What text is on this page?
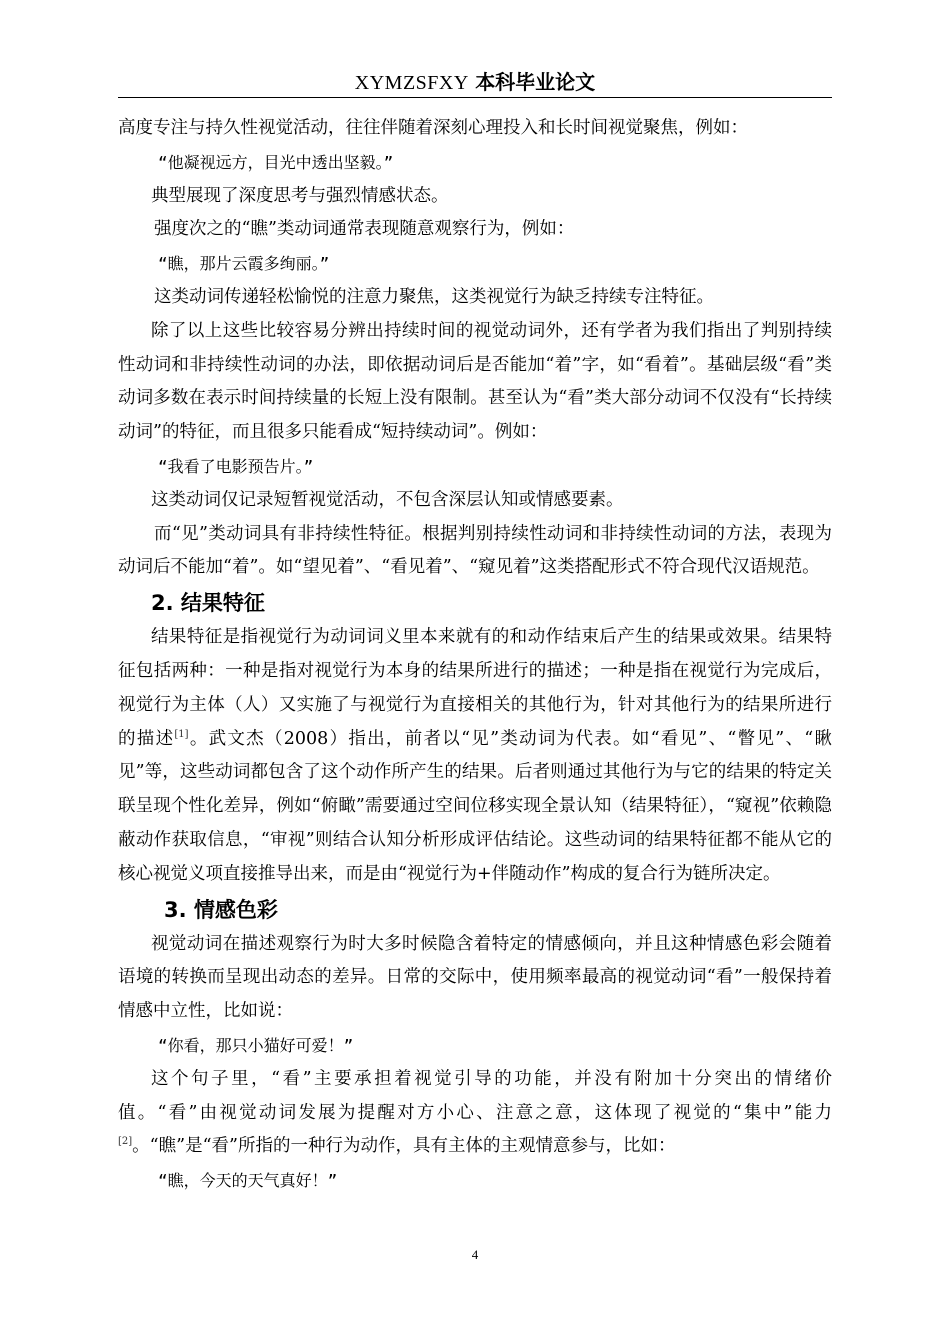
XYMZSFXY 本科毕业论文

高度专注与持久性视觉活动，往往伴随着深刻心理投入和长时间视觉聚焦，例如：

“他凝视远方，目光中透出坚毅。”

典型展现了深度思考与强烈情感状态。

强度次之的“瞧”类动词通常表现随意观察行为，例如：

“瞧，那片云霞多绚丽。”

这类动词传递轻松愉悦的注意力聚焦，这类视觉行为缺乏持续专注特征。

除了以上这些比较容易分辨出持续时间的视觉动词外，还有学者为我们指出了判别持续性动词和非持续性动词的办法，即依据动词后是否能加“着”字，如“看着”。基础层级“看”类动词多数在表示时间持续量的长短上没有限制。甚至认为“看”类大部分动词不仅没有“长持续动词”的特征，而且很多只能看成“短持续动词”。例如：

“我看了电影预告片。”

这类动词仅记录短暂视觉活动，不包含深层认知或情感要素。

而“见”类动词具有非持续性特征。根据判别持续性动词和非持续性动词的方法，表现为动词后不能加“着”。如“望见着”、“看见着”、“窥见着”这类搭配形式不符合现代汉语规范。

2. 结果特征

结果特征是指视觉行为动词词义里本来就有的和动作结束后产生的结果或效果。结果特征包括两种：一种是指对视觉行为本身的结果所进行的描述；一种是指在视觉行为完成后，视觉行为主体（人）又实施了与视觉行为直接相关的其他行为，针对其他行为的结果所进行的描述[1]。武文杰（2008）指出，前者以“见”类动词为代表。如“看见”、“瞥见”、“瞅见”等，这些动词都包含了这个动作所产生的结果。后者则通过其他行为与它的结果的特定关联呈现个性化差异，例如“俯瞰”需要通过空间位移实现全景认知（结果特征），“窥视”依赖隐蔽动作获取信息，“审视”则结合认知分析形成评估结论。这些动词的结果特征都不能从它的核心视觉义项直接推导出来，而是由“视觉行为+伴随动作”构成的复合行为链所决定。

3. 情感色彩

视觉动词在描述观察行为时大多时候隐含着特定的情感倾向，并且这种情感色彩会随着语境的转换而呈现出动态的差异。日常的交际中，使用频率最高的视觉动词“看”一般保持着情感中立性，比如说：

“你看，那只小猫好可爱！”

这个句子里，“看”主要承担着视觉引导的功能，并没有附加十分突出的情绪价值。“看”由视觉动词发展为提醒对方小心、注意之意，这体现了视觉的“集中”能力[2]。“瞧”是“看”所指的一种行为动作，具有主体的主观情意参与，比如：

“瞧，今天的天气真好！”

4
